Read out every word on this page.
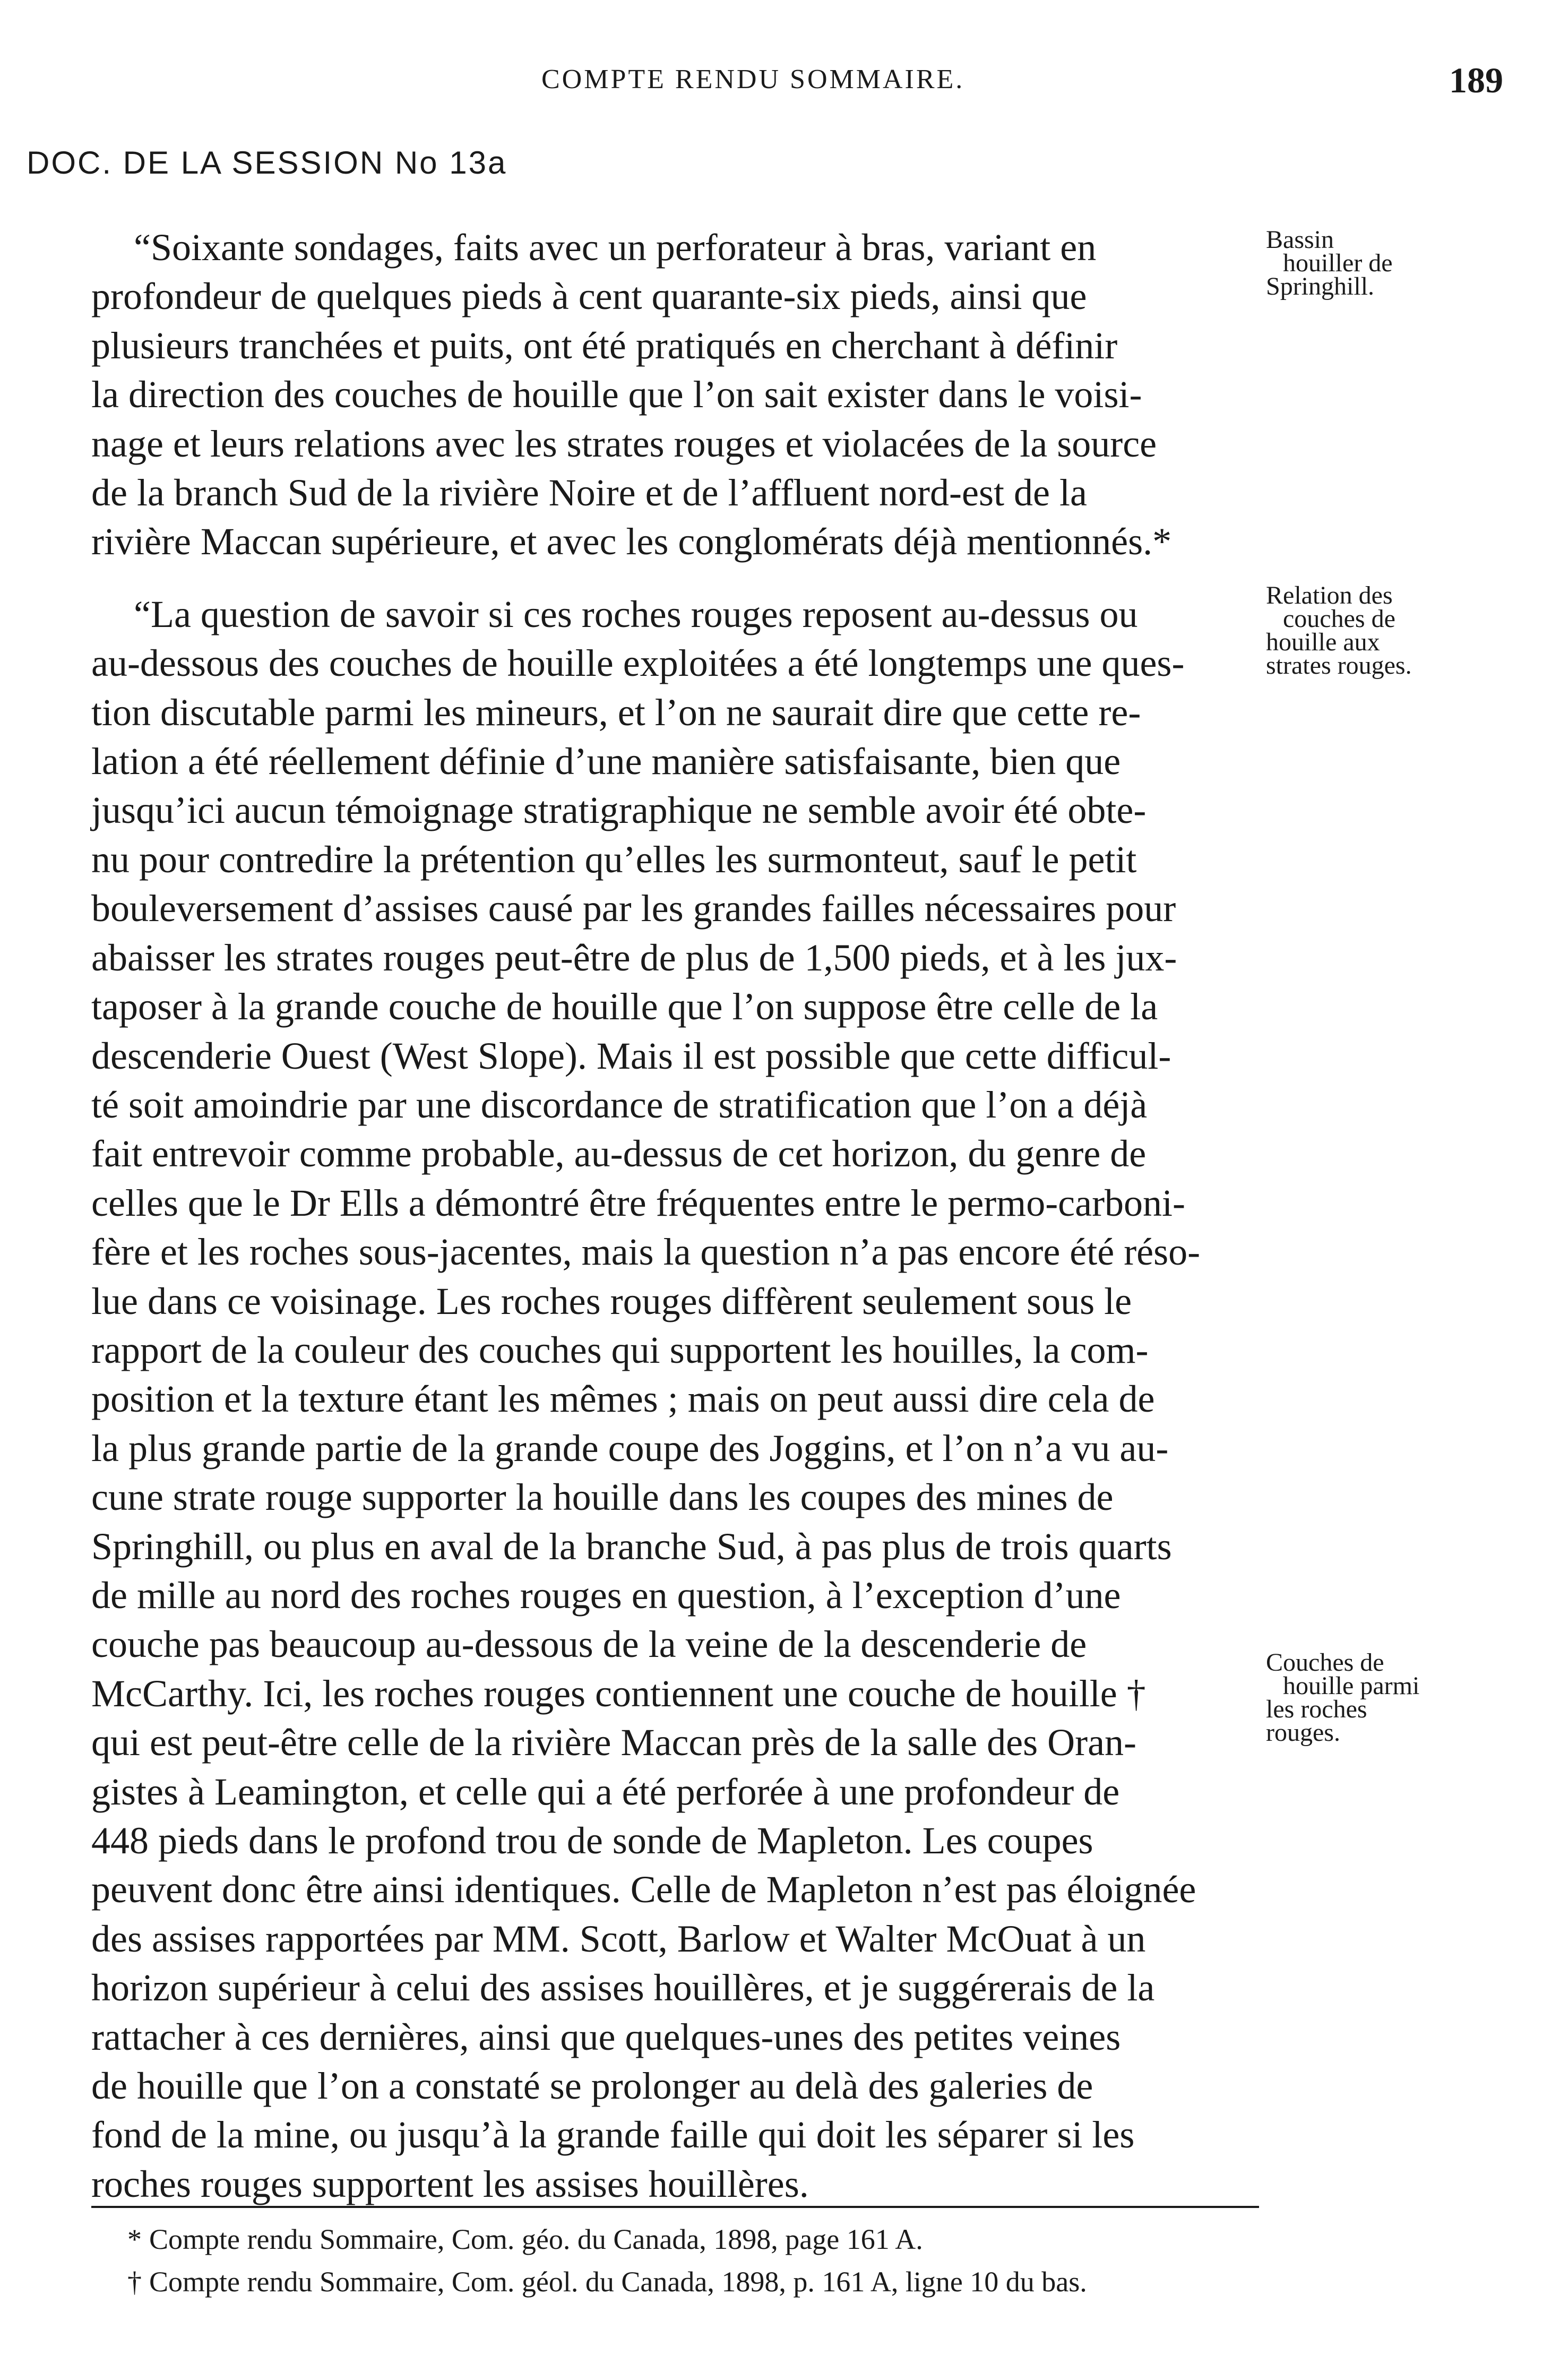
COMPTE RENDU SOMMAIRE.	189
DOC. DE LA SESSION No 13a

“Soixante sondages, faits avec un perforateur à bras, variant en
profondeur de quelques pieds à cent quarante-six pieds, ainsi que
plusieurs tranchées et puits, ont été pratiqués en cherchant à définir
la direction des couches de houille que l’on sait exister dans le voisi-
nage et leurs relations avec les strates rouges et violacées de la source
de la branch Sud de la rivière Noire et de l’affluent nord-est de la
rivière Maccan supérieure, et avec les conglomérats déjà mentionnés.*

“La question de savoir si ces roches rouges reposent au-dessus ou
au-dessous des couches de houille exploitées a été longtemps une ques-
tion discutable parmi les mineurs, et l’on ne saurait dire que cette re-
lation a été réellement définie d’une manière satisfaisante, bien que
jusqu’ici aucun témoignage stratigraphique ne semble avoir été obte-
nu pour contredire la prétention qu’elles les surmonteut, sauf le petit
bouleversement d’assises causé par les grandes failles nécessaires pour
abaisser les strates rouges peut-être de plus de 1,500 pieds, et à les jux-
taposer à la grande couche de houille que l’on suppose être celle de la
descenderie Ouest (West Slope). Mais il est possible que cette difficul-
té soit amoindrie par une discordance de stratification que l’on a déjà
fait entrevoir comme probable, au-dessus de cet horizon, du genre de
celles que le Dr Ells a démontré être fréquentes entre le permo-carboni-
fère et les roches sous-jacentes, mais la question n’a pas encore été réso-
lue dans ce voisinage. Les roches rouges diffèrent seulement sous le
rapport de la couleur des couches qui supportent les houilles, la com-
position et la texture étant les mêmes ; mais on peut aussi dire cela de
la plus grande partie de la grande coupe des Joggins, et l’on n’a vu au-
cune strate rouge supporter la houille dans les coupes des mines de
Springhill, ou plus en aval de la branche Sud, à pas plus de trois quarts
de mille au nord des roches rouges en question, à l’exception d’une
couche pas beaucoup au-dessous de la veine de la descenderie de
McCarthy. Ici, les roches rouges contiennent une couche de houille †
qui est peut-être celle de la rivière Maccan près de la salle des Oran-
gistes à Leamington, et celle qui a été perforée à une profondeur de
448 pieds dans le profond trou de sonde de Mapleton. Les coupes
peuvent donc être ainsi identiques. Celle de Mapleton n’est pas éloignée
des assises rapportées par MM. Scott, Barlow et Walter McOuat à un
horizon supérieur à celui des assises houillères, et je suggérerais de la
rattacher à ces dernières, ainsi que quelques-unes des petites veines
de houille que l’on a constaté se prolonger au delà des galeries de
fond de la mine, ou jusqu’à la grande faille qui doit les séparer si les
roches rouges supportent les assises houillères.

Bassin

houiller de
Springhill.
Relation des

couches de
houille aux
strates rouges.
Couches de

houille parmi
les roches
rouges.

* Compte rendu Sommaire, Com. géo. du Canada, 1898, page 161 A.

† Compte rendu Sommaire, Com. géol. du Canada, 1898, p. 161 A, ligne 10 du bas.
